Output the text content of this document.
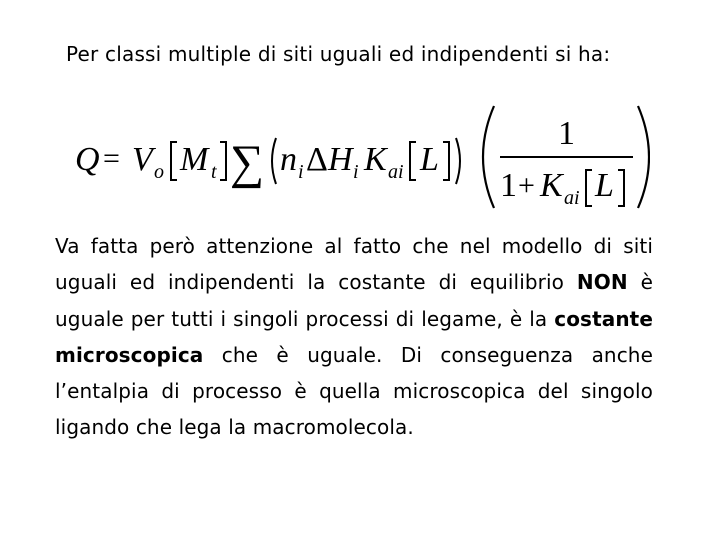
Per classi multiple di siti uguali ed indipendenti si ha:
Q = V o M t ∑ n i Δ H i K ai L
1
1 + K ai L
Va fatta però attenzione al fatto che nel modello di siti uguali ed indipendenti la costante di equilibrio NON è uguale per tutti i singoli processi di legame, è la costante microscopica che è uguale. Di conseguenza anche l’entalpia di processo è quella microscopica del singolo ligando che lega la macromolecola.
